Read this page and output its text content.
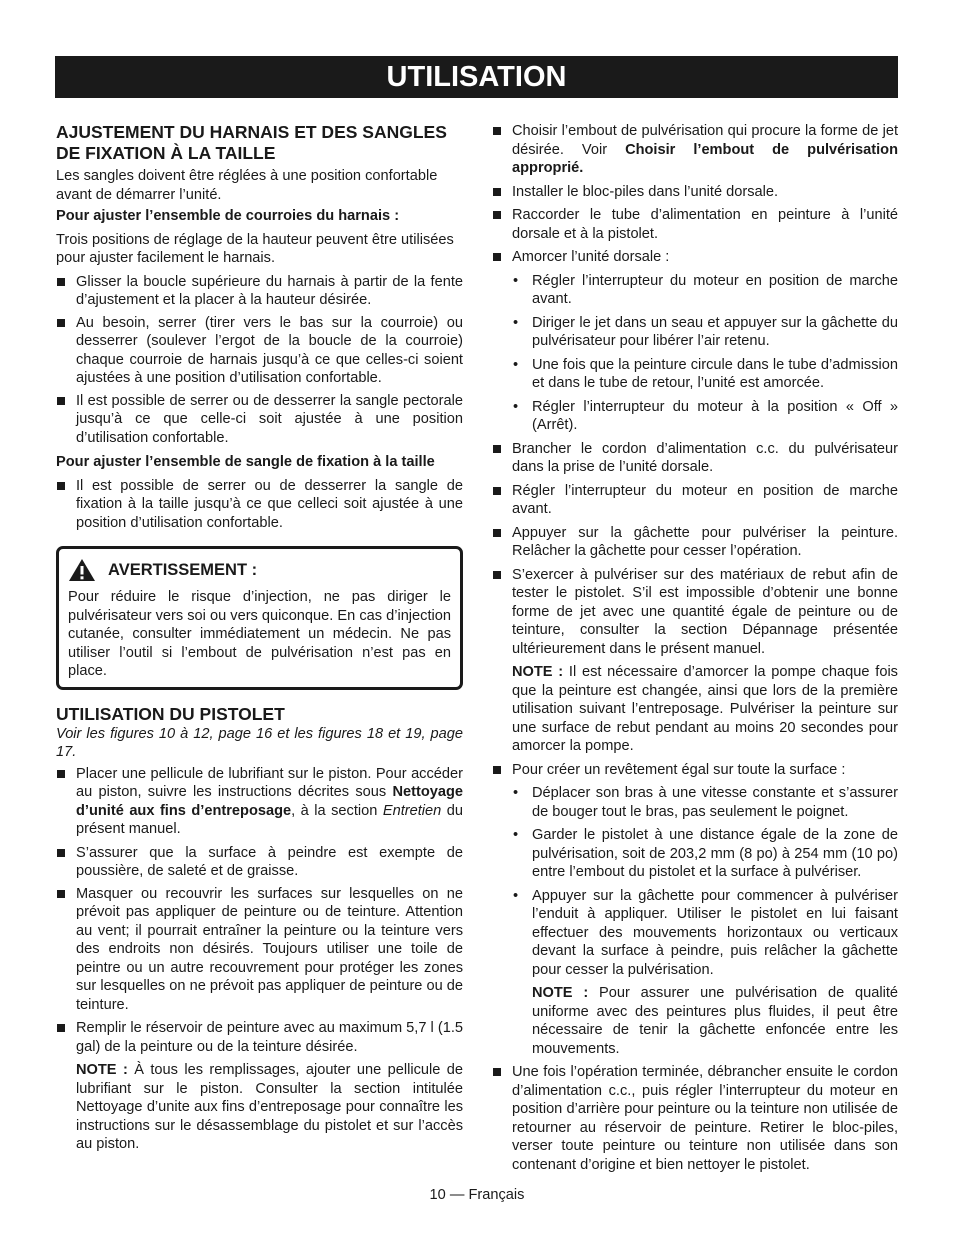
UTILISATION
AJUSTEMENT DU HARNAIS ET DES SANGLES DE FIXATION À LA TAILLE

Les sangles doivent être réglées à une position confortable avant de démarrer l’unité.

Pour ajuster l’ensemble de courroies du harnais :

Trois positions de réglage de la hauteur peuvent être utilisées pour ajuster facilement le harnais.

Glisser la boucle supérieure du harnais à partir de la fente d’ajustement et la placer à la hauteur désirée.
Au besoin, serrer (tirer vers le bas sur la courroie) ou desserrer (soulever l’ergot de la boucle de la courroie) chaque courroie de harnais jusqu’à ce que celles-ci soient ajustées à une position d’utilisation confortable.
Il est possible de serrer ou de desserrer la sangle pectorale jusqu’à ce que celle-ci soit ajustée à une position d’utilisation confortable.

Pour ajuster l’ensemble de sangle de fixation à la taille

Il est possible de serrer ou de desserrer la sangle de fixation à la taille jusqu’à ce que celleci soit ajustée à une position d’utilisation confortable.
AVERTISSEMENT :

Pour réduire le risque d’injection, ne pas diriger le pulvérisateur vers soi ou vers quiconque. En cas d’injection cutanée, consulter immédiatement un médecin. Ne pas utiliser l’outil si l’embout de pulvérisation n’est pas en place.

UTILISATION DU PISTOLET

Voir les figures 10 à 12, page 16 et les figures 18 et 19, page 17.

Placer une pellicule de lubrifiant sur le piston. Pour accéder au piston, suivre les instructions décrites sous Nettoyage d’unité aux fins d’entreposage, à la section Entretien du présent manuel.
S’assurer que la surface à peindre est exempte de poussière, de saleté et de graisse.
Masquer ou recouvrir les surfaces sur lesquelles on ne prévoit pas appliquer de peinture ou de teinture. Attention au vent; il pourrait entraîner la peinture ou la teinture vers des endroits non désirés. Toujours utiliser une toile de peintre ou un autre recouvrement pour protéger les zones sur lesquelles on ne prévoit pas appliquer de peinture ou de teinture.
Remplir le réservoir de peinture avec au maximum 5,7 l (1.5 gal) de la peinture ou de la teinture désirée.

NOTE : À tous les remplissages, ajouter une pellicule de lubrifiant sur le piston. Consulter la section intitulée Nettoyage d’unite aux fins d’entreposage pour connaître les instructions sur le désassemblage du pistolet et sur l’accès au piston.

Choisir l’embout de pulvérisation qui procure la forme de jet désirée. Voir Choisir l’embout de pulvérisation approprié.
Installer le bloc-piles dans l’unité dorsale.
Raccorder le tube d’alimentation en peinture à l’unité dorsale et à la pistolet.
Amorcer l’unité dorsale :
• Régler l’interrupteur du moteur en position de marche avant.
• Diriger le jet dans un seau et appuyer sur la gâchette du pulvérisateur pour libérer l’air retenu.
• Une fois que la peinture circule dans le tube d’admission et dans le tube de retour, l’unité est amorcée.
• Régler l’interrupteur du moteur à la position « Off » (Arrêt).
Brancher le cordon d’alimentation c.c. du pulvérisateur dans la prise de l’unité dorsale.
Régler l’interrupteur du moteur en position de marche avant.
Appuyer sur la gâchette pour pulvériser la peinture. Relâcher la gâchette pour cesser l’opération.
S’exercer à pulvériser sur des matériaux de rebut afin de tester le pistolet. S’il est impossible d’obtenir une bonne forme de jet avec une quantité égale de peinture ou de teinture, consulter la section Dépannage présentée ultérieurement dans le présent manuel.

NOTE : Il est nécessaire d’amorcer la pompe chaque fois que la peinture est changée, ainsi que lors de la première utilisation suivant l’entreposage. Pulvériser la peinture sur une surface de rebut pendant au moins 20 secondes pour amorcer la pompe.

Pour créer un revêtement égal sur toute la surface :
• Déplacer son bras à une vitesse constante et s’assurer de bouger tout le bras, pas seulement le poignet.
• Garder le pistolet à une distance égale de la zone de pulvérisation, soit de 203,2 mm (8 po) à 254 mm (10 po) entre l’embout du pistolet et la surface à pulvériser.
• Appuyer sur la gâchette pour commencer à pulvériser l’enduit à appliquer. Utiliser le pistolet en lui faisant effectuer des mouvements horizontaux ou verticaux devant la surface à peindre, puis relâcher la gâchette pour cesser la pulvérisation.

NOTE : Pour assurer une pulvérisation de qualité uniforme avec des peintures plus fluides, il peut être nécessaire de tenir la gâchette enfoncée entre les mouvements.

Une fois l’opération terminée, débrancher ensuite le cordon d’alimentation c.c., puis régler l’interrupteur du moteur en position d’arrière pour peinture ou la teinture non utilisée de retourner au réservoir de peinture. Retirer le bloc-piles, verser toute peinture ou teinture non utilisée dans son contenant d’origine et bien nettoyer le pistolet.
10 — Français
